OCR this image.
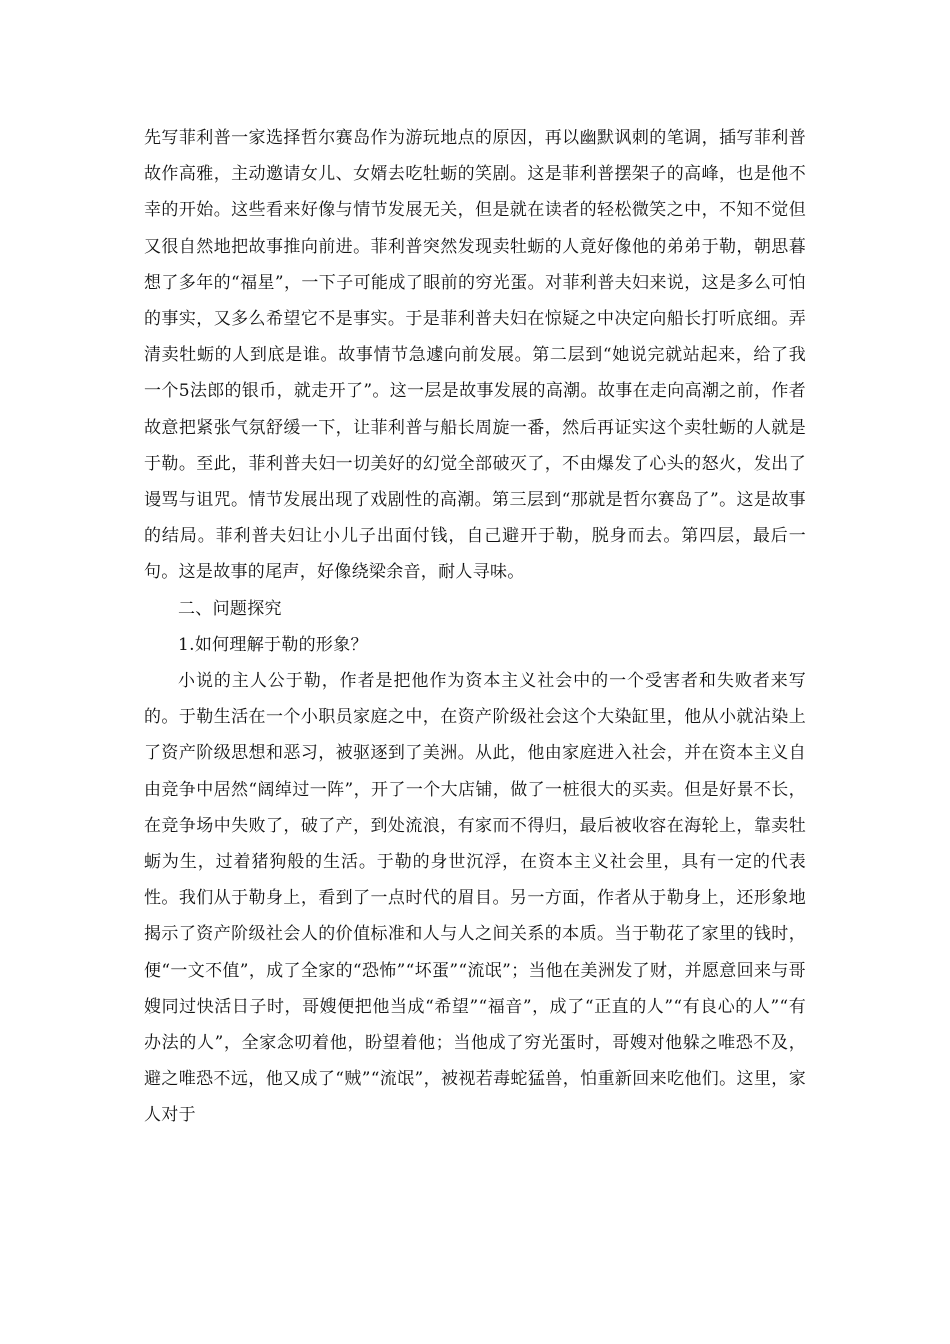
先写菲利普一家选择哲尔赛岛作为游玩地点的原因，再以幽默讽刺的笔调，插写菲利普故作高雅，主动邀请女儿、女婿去吃牡蛎的笑剧。这是菲利普摆架子的高峰，也是他不幸的开始。这些看来好像与情节发展无关，但是就在读者的轻松微笑之中，不知不觉但又很自然地把故事推向前进。菲利普突然发现卖牡蛎的人竟好像他的弟弟于勒，朝思暮想了多年的“福星”，一下子可能成了眼前的穷光蛋。对菲利普夫妇来说，这是多么可怕的事实，又多么希望它不是事实。于是菲利普夫妇在惊疑之中决定向船长打听底细。弄清卖牡蛎的人到底是谁。故事情节急遽向前发展。第二层到“她说完就站起来，给了我一个5法郎的银币，就走开了”。这一层是故事发展的高潮。故事在走向高潮之前，作者故意把紧张气氛舒缓一下，让菲利普与船长周旋一番，然后再证实这个卖牡蛎的人就是于勒。至此，菲利普夫妇一切美好的幻觉全部破灭了，不由爆发了心头的怒火，发出了谩骂与诅咒。情节发展出现了戏剧性的高潮。第三层到“那就是哲尔赛岛了”。这是故事的结局。菲利普夫妇让小儿子出面付钱，自己避开于勒，脱身而去。第四层，最后一句。这是故事的尾声，好像绕梁余音，耐人寻味。

二、问题探究

1.如何理解于勒的形象？

小说的主人公于勒，作者是把他作为资本主义社会中的一个受害者和失败者来写的。于勒生活在一个小职员家庭之中，在资产阶级社会这个大染缸里，他从小就沾染上了资产阶级思想和恶习，被驱逐到了美洲。从此，他由家庭进入社会，并在资本主义自由竞争中居然“阔绰过一阵”，开了一个大店铺，做了一桩很大的买卖。但是好景不长，在竞争场中失败了，破了产，到处流浪，有家而不得归，最后被收容在海轮上，靠卖牡蛎为生，过着猪狗般的生活。于勒的身世沉浮，在资本主义社会里，具有一定的代表性。我们从于勒身上，看到了一点时代的眉目。另一方面，作者从于勒身上，还形象地揭示了资产阶级社会人的价值标准和人与人之间关系的本质。当于勒花了家里的钱时，便“一文不值”，成了全家的“恐怖”“坏蛋”“流氓”；当他在美洲发了财，并愿意回来与哥嫂同过快活日子时，哥嫂便把他当成“希望”“福音”，成了“正直的人”“有良心的人”“有办法的人”，全家念叨着他，盼望着他；当他成了穷光蛋时，哥嫂对他躲之唯恐不及，避之唯恐不远，他又成了“贼”“流氓”，被视若毒蛇猛兽，怕重新回来吃他们。这里，家人对于
